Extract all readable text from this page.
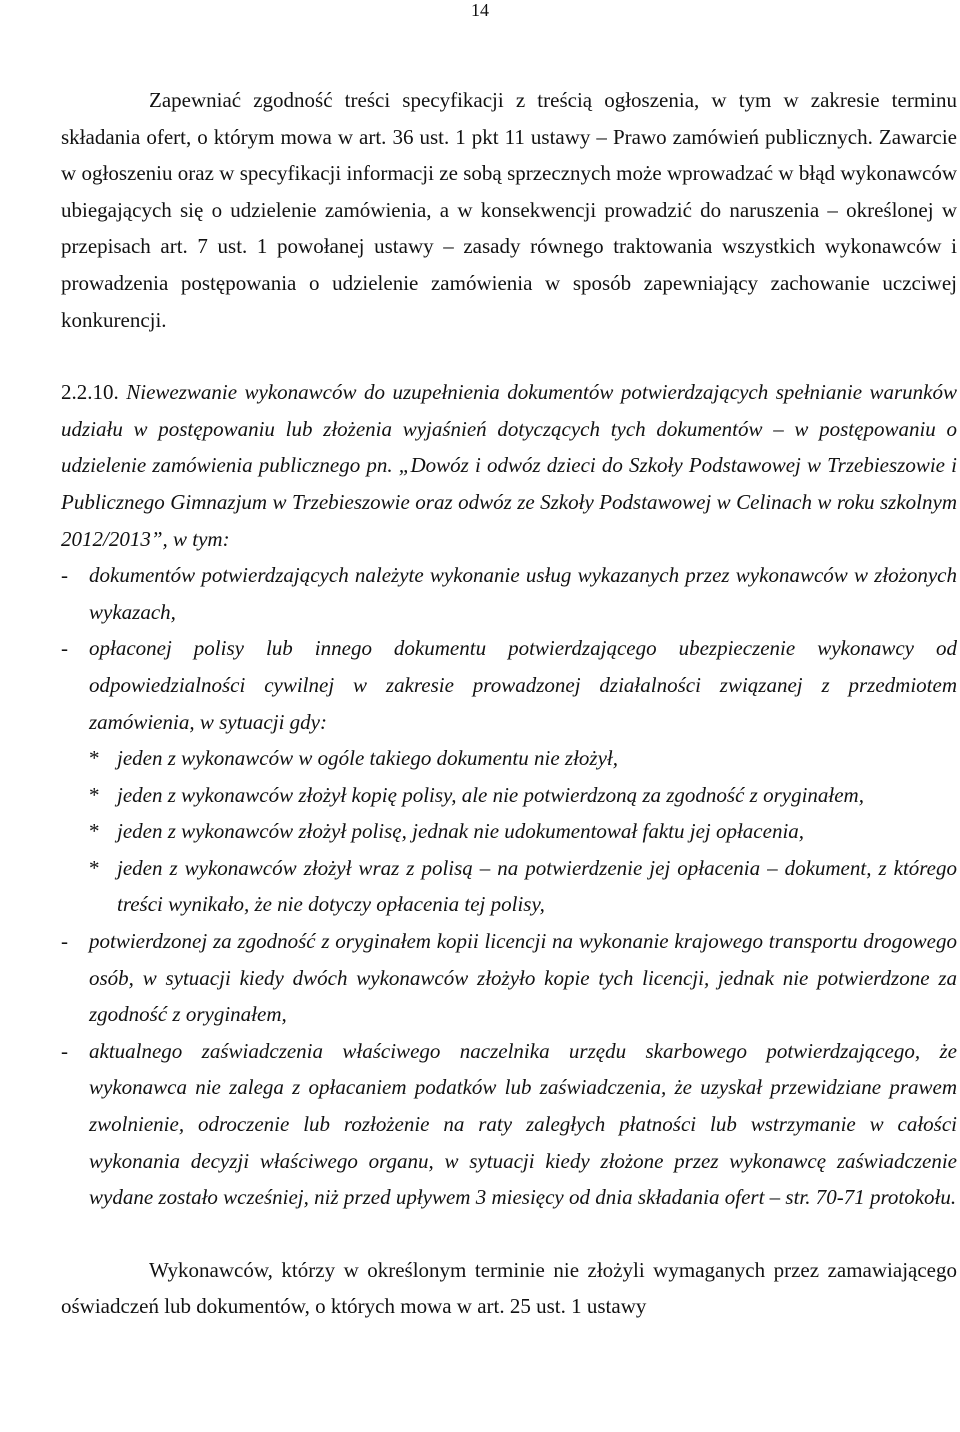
14

Zapewniać zgodność treści specyfikacji z treścią ogłoszenia, w tym w zakresie terminu składania ofert, o którym mowa w art. 36 ust. 1 pkt 11 ustawy – Prawo zamówień publicznych. Zawarcie w ogłoszeniu oraz w specyfikacji informacji ze sobą sprzecznych może wprowadzać w błąd wykonawców ubiegających się o udzielenie zamówienia, a w konsekwencji prowadzić do naruszenia – określonej w przepisach art. 7 ust. 1 powołanej ustawy – zasady równego traktowania wszystkich wykonawców i prowadzenia postępowania o udzielenie zamówienia w sposób zapewniający zachowanie uczciwej konkurencji.

2.2.10. Niewezwanie wykonawców do uzupełnienia dokumentów potwierdzających spełnianie warunków udziału w postępowaniu lub złożenia wyjaśnień dotyczących tych dokumentów – w postępowaniu o udzielenie zamówienia publicznego pn. „Dowóz i odwóz dzieci do Szkoły Podstawowej w Trzebieszowie i Publicznego Gimnazjum w Trzebieszowie oraz odwóz ze Szkoły Podstawowej w Celinach w roku szkolnym 2012/2013”, w tym:

-	dokumentów potwierdzających należyte wykonanie usług wykazanych przez wykonawców w złożonych wykazach,
-	opłaconej polisy lub innego dokumentu potwierdzającego ubezpieczenie wykonawcy od odpowiedzialności cywilnej w zakresie prowadzonej działalności związanej z przedmiotem zamówienia, w sytuacji gdy:
* jeden z wykonawców w ogóle takiego dokumentu nie złożył,
* jeden z wykonawców złożył kopię polisy, ale nie potwierdzoną za zgodność z oryginałem,
* jeden z wykonawców złożył polisę, jednak nie udokumentował faktu jej opłacenia,
* jeden z wykonawców złożył wraz z polisą – na potwierdzenie jej opłacenia – dokument, z którego treści wynikało, że nie dotyczy opłacenia tej polisy,
-	potwierdzonej za zgodność z oryginałem kopii licencji na wykonanie krajowego transportu drogowego osób, w sytuacji kiedy dwóch wykonawców złożyło kopie tych licencji, jednak nie potwierdzone za zgodność z oryginałem,
-	aktualnego zaświadczenia właściwego naczelnika urzędu skarbowego potwierdzającego, że wykonawca nie zalega z opłacaniem podatków lub zaświadczenia, że uzyskał przewidziane prawem zwolnienie, odroczenie lub rozłożenie na raty zaległych płatności lub wstrzymanie w całości wykonania decyzji właściwego organu, w sytuacji kiedy złożone przez wykonawcę zaświadczenie wydane zostało wcześniej, niż przed upływem 3 miesięcy od dnia składania ofert – str. 70-71 protokołu.

Wykonawców, którzy w określonym terminie nie złożyli wymaganych przez zamawiającego oświadczeń lub dokumentów, o których mowa w art. 25 ust. 1 ustawy
